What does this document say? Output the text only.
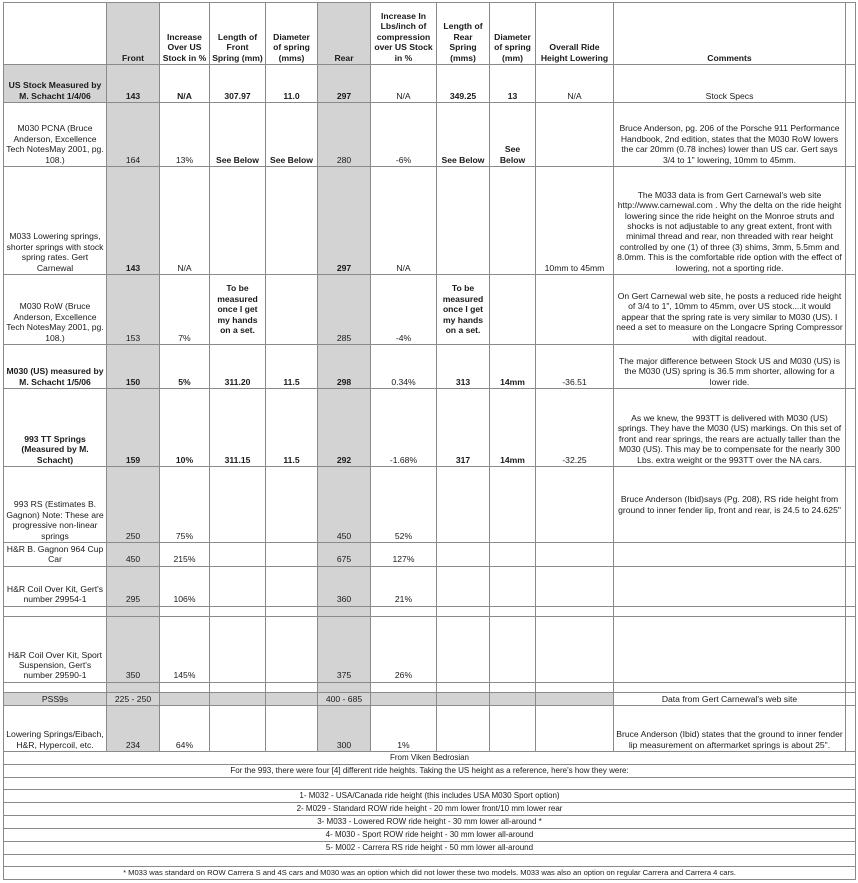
	Front	Increase Over US Stock in %	Length of Front Spring (mm)	Diameter of spring (mms)	Rear	Increase In Lbs/inch of compression over US Stock in %	Length of Rear Spring (mms)	Diameter of spring (mm)	Overall Ride Height Lowering	Comments	
US Stock Measured by M. Schacht 1/4/06	143	N/A	307.97	11.0	297	N/A	349.25	13	N/A	Stock Specs	
M030 PCNA (Bruce Anderson, Excellence Tech NotesMay 2001, pg. 108.)	164	13%	See Below	See Below	280	-6%	See Below	See Below		Bruce Anderson, pg. 206 of the Porsche 911 Performance Handbook, 2nd edition, states that the M030 RoW lowers the car 20mm (0.78 inches) lower than US car. Gert says 3/4 to 1" lowering, 10mm to 45mm.	
M033 Lowering springs, shorter springs with stock spring rates. Gert Carnewal	143	N/A			297	N/A			10mm to 45mm	The M033 data is from Gert Carnewal's web site http://www.carnewal.com . Why the delta on the ride height lowering since the ride height on the Monroe struts and shocks is not adjustable to any great extent, front with minimal thread and rear, non threaded with rear height controlled by one (1) of three (3) shims, 3mm, 5.5mm and 8.0mm. This is the comfortable ride option with the effect of lowering, not a sporting ride.	
M030 RoW (Bruce Anderson, Excellence Tech NotesMay 2001, pg. 108.)	153	7%	To be measured once I get my hands on a set.		285	-4%	To be measured once I get my hands on a set.			On Gert Carnewal web site, he posts a reduced ride height of 3/4 to 1", 10mm to 45mm, over US stock....it would appear that the spring rate is very similar to M030 (US). I need a set to measure on the Longacre Spring Compressor with digital readout.	
M030 (US) measured by M. Schacht 1/5/06	150	5%	311.20	11.5	298	0.34%	313	14mm	-36.51	The major difference between Stock US and M030 (US) is the M030 (US) spring is 36.5 mm shorter, allowing for a lower ride.	
993 TT Springs (Measured by M. Schacht)	159	10%	311.15	11.5	292	-1.68%	317	14mm	-32.25	As we knew, the 993TT is delivered with M030 (US) springs. They have the M030 (US) markings. On this set of front and rear springs, the rears are actually taller than the M030 (US). This may be to compensate for the nearly 300 Lbs. extra weight or the 993TT over the NA cars.	
993 RS (Estimates B. Gagnon) Note: These are progressive non-linear springs	250	75%			450	52%				Bruce Anderson (Ibid)says (Pg. 208), RS ride height from ground to inner fender lip, front and rear, is 24.5 to 24.625"	
H&R B. Gagnon 964 Cup Car	450	215%			675	127%					
H&R Coil Over Kit, Gert's number 29954-1	295	106%			360	21%					

H&R Coil Over Kit, Sport Suspension, Gert's number 29590-1	350	145%			375	26%					

PSS9s	225 - 250				400 - 685					Data from Gert Carnewal's web site	
Lowering Springs/Eibach, H&R, Hypercoil, etc.	234	64%			300	1%				Bruce Anderson (Ibid) states that the ground to inner fender lip measurement on aftermarket springs is about 25".	
From Viken Bedrosian											
For the 993, there were four [4] different ride heights. Taking the US height as a reference, here's how they were:											

1- M032 - USA/Canada ride height (this includes USA M030 Sport option)											
2- M029 - Standard ROW ride height - 20 mm lower front/10 mm lower rear											
3- M033 - Lowered ROW ride height - 30 mm lower all-around *											
4- M030 - Sport ROW ride height - 30 mm lower all-around											
5- M002 - Carrera RS ride height - 50 mm lower all-around											

* M033 was standard on ROW Carrera S and 4S cars and M030 was an option which did not lower these two models. M033 was also an option on regular Carrera and Carrera 4 cars.											
